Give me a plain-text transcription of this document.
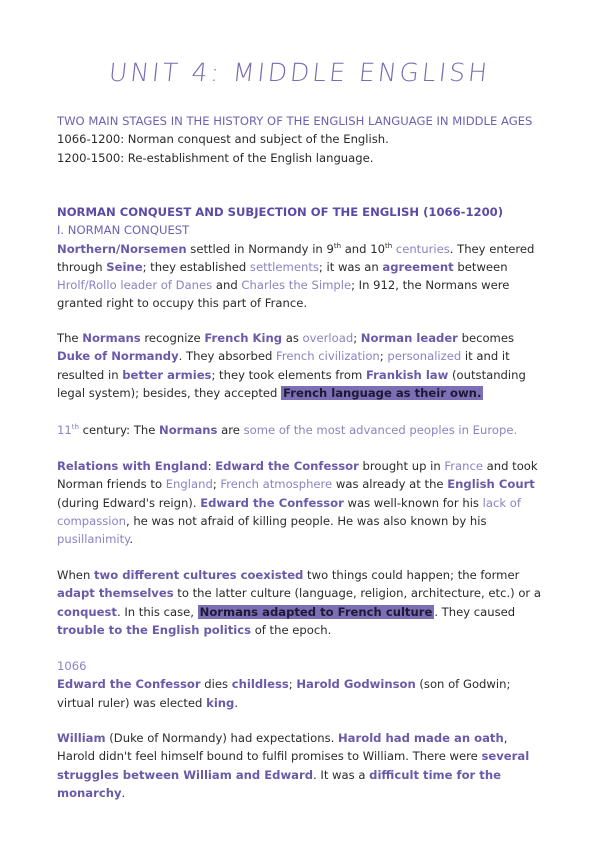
UNIT 4: MIDDLE ENGLISH

TWO MAIN STAGES IN THE HISTORY OF THE ENGLISH LANGUAGE IN MIDDLE AGES

1066-1200: Norman conquest and subject of the English.

1200-1500: Re-establishment of the English language.

NORMAN CONQUEST AND SUBJECTION OF THE ENGLISH (1066-1200)

I. NORMAN CONQUEST

Northern/Norsemen settled in Normandy in 9th and 10th centuries. They entered through Seine; they established settlements; it was an agreement between Hrolf/Rollo leader of Danes and Charles the Simple; In 912, the Normans were granted right to occupy this part of France.

The Normans recognize French King as overload; Norman leader becomes Duke of Normandy. They absorbed French civilization; personalized it and it resulted in better armies; they took elements from Frankish law (outstanding legal system); besides, they accepted French language as their own.

11th century: The Normans are some of the most advanced peoples in Europe.

Relations with England: Edward the Confessor brought up in France and took Norman friends to England; French atmosphere was already at the English Court (during Edward's reign). Edward the Confessor was well-known for his lack of compassion, he was not afraid of killing people. He was also known by his pusillanimity.

When two different cultures coexisted two things could happen; the former adapt themselves to the latter culture (language, religion, architecture, etc.) or a conquest. In this case, Normans adapted to French culture . They caused trouble to the English politics of the epoch.

1066

Edward the Confessor dies childless; Harold Godwinson (son of Godwin; virtual ruler) was elected king.

William (Duke of Normandy) had expectations. Harold had made an oath, Harold didn't feel himself bound to fulfil promises to William. There were several struggles between William and Edward. It was a difficult time for the monarchy.
